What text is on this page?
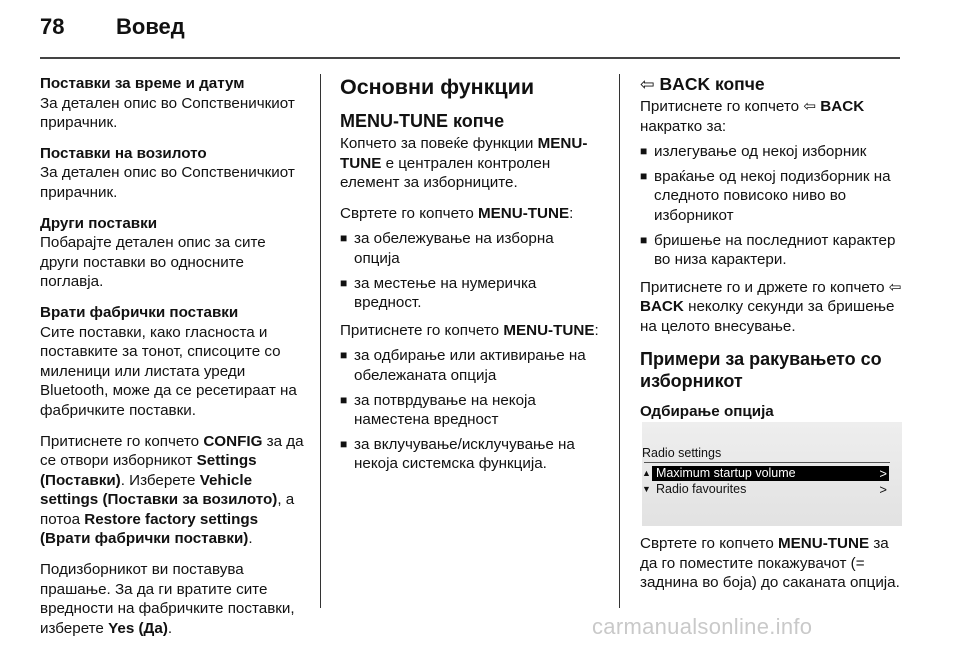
78 Вовед

Поставки за време и датум
За детален опис во Сопственичкиот прирачник.

Поставки на возилото
За детален опис во Сопственичкиот прирачник.

Други поставки
Побарајте детален опис за сите други поставки во односните поглавја.

Врати фабрички поставки
Сите поставки, како гласноста и поставките за тонот, списоците со миленици или листата уреди Bluetooth, може да се ресетираат на фабричките поставки.

Притиснете го копчето CONFIG за да се отвори изборникот Settings (Поставки). Изберете Vehicle settings (Поставки за возилото), а потоа Restore factory settings (Врати фабрички поставки).

Подизборникот ви поставува прашање. За да ги вратите сите вредности на фабричките поставки, изберете Yes (Да).

Основни функции
MENU-TUNE копче

Копчето за повеќе функции MENU-TUNE е централен контролен елемент за изборниците.

Свртете го копчето MENU-TUNE:

■ за обележување на изборна опција
■ за местење на нумеричка вредност.

Притиснете го копчето MENU-TUNE:

■ за одбирање или активирање на обележаната опција
■ за потврдување на некоја наместена вредност
■ за вклучување/исклучување на некоја системска функција.
⇦ BACK копче

Притиснете го копчето ⇦ BACK накратко за:

■ излегување од некој изборник
■ враќање од некој подизборник на следното повисоко ниво во изборникот
■ бришење на последниот карактер во низа карактери.

Притиснете го и држете го копчето ⇦ BACK неколку секунди за бришење на целото внесување.

Примери за ракувањето со изборникот
Одбирање опција
Radio settings
▲ Maximum startup volume	>
▼ Radio favourites	>

Свртете го копчето MENU-TUNE за да го поместите покажувачот (= заднина во боја) до саканата опција.

carmanualsonline.info
